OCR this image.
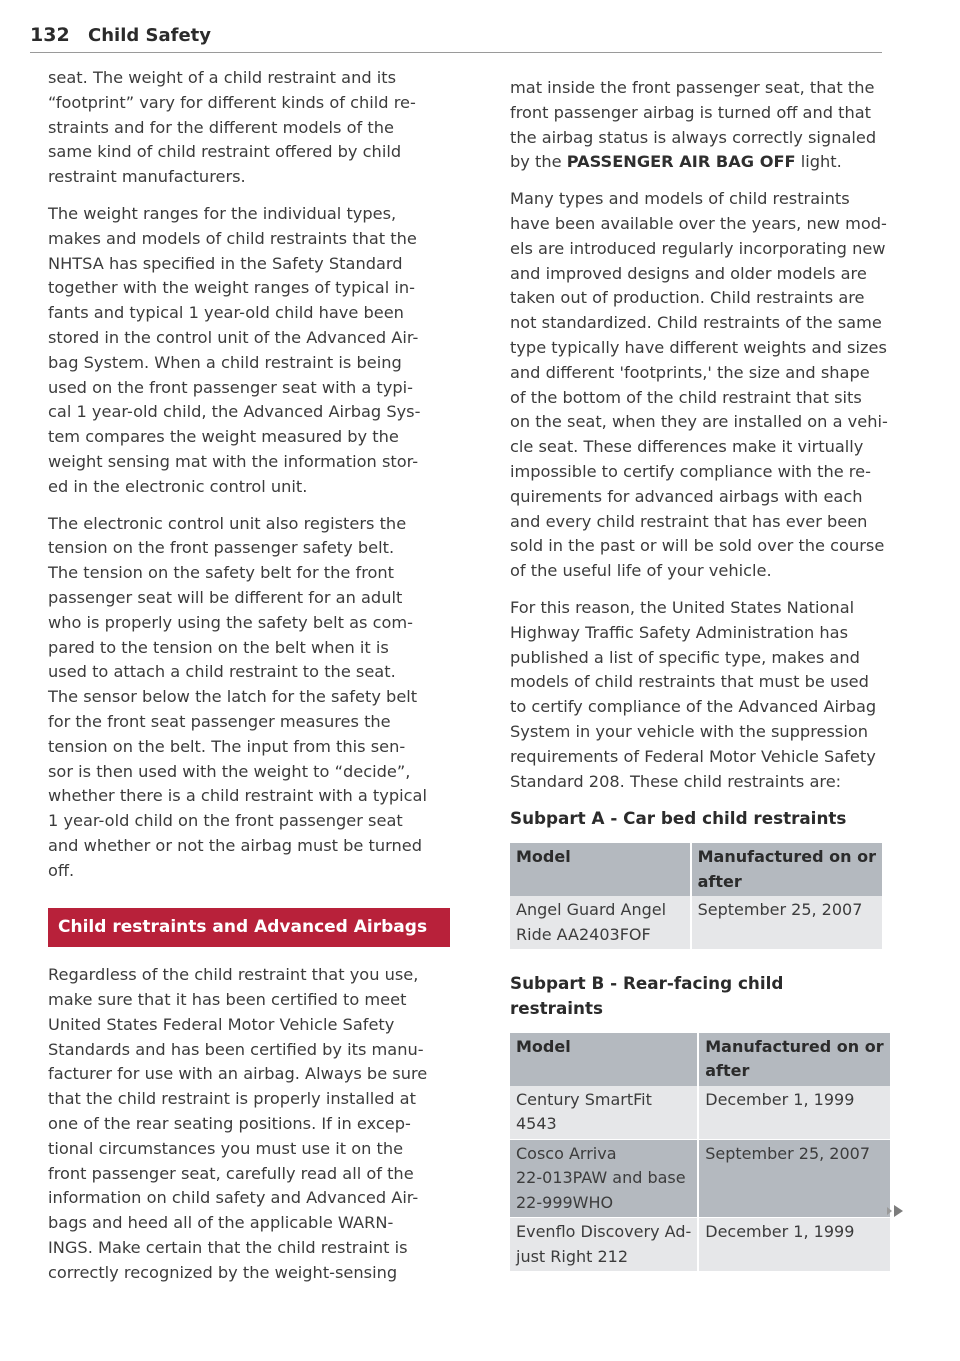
132 Child Safety

seat. The weight of a child restraint and its
“footprint” vary for different kinds of child re-
straints and for the different models of the
same kind of child restraint offered by child
restraint manufacturers.

The weight ranges for the individual types,
makes and models of child restraints that the
NHTSA has specified in the Safety Standard
together with the weight ranges of typical in-
fants and typical 1 year-old child have been
stored in the control unit of the Advanced Air-
bag System. When a child restraint is being
used on the front passenger seat with a typi-
cal 1 year-old child, the Advanced Airbag Sys-
tem compares the weight measured by the
weight sensing mat with the information stor-
ed in the electronic control unit.

The electronic control unit also registers the
tension on the front passenger safety belt.
The tension on the safety belt for the front
passenger seat will be different for an adult
who is properly using the safety belt as com-
pared to the tension on the belt when it is
used to attach a child restraint to the seat.
The sensor below the latch for the safety belt
for the front seat passenger measures the
tension on the belt. The input from this sen-
sor is then used with the weight to “decide”,
whether there is a child restraint with a typical
1 year-old child on the front passenger seat
and whether or not the airbag must be turned
off.

Child restraints and Advanced Airbags

Regardless of the child restraint that you use,
make sure that it has been certified to meet
United States Federal Motor Vehicle Safety
Standards and has been certified by its manu-
facturer for use with an airbag. Always be sure
that the child restraint is properly installed at
one of the rear seating positions. If in excep-
tional circumstances you must use it on the
front passenger seat, carefully read all of the
information on child safety and Advanced Air-
bags and heed all of the applicable WARN-
INGS. Make certain that the child restraint is
correctly recognized by the weight-sensing

mat inside the front passenger seat, that the
front passenger airbag is turned off and that
the airbag status is always correctly signaled
by the PASSENGER AIR BAG OFF light.

Many types and models of child restraints
have been available over the years, new mod-
els are introduced regularly incorporating new
and improved designs and older models are
taken out of production. Child restraints are
not standardized. Child restraints of the same
type typically have different weights and sizes
and different 'footprints,' the size and shape
of the bottom of the child restraint that sits
on the seat, when they are installed on a vehi-
cle seat. These differences make it virtually
impossible to certify compliance with the re-
quirements for advanced airbags with each
and every child restraint that has ever been
sold in the past or will be sold over the course
of the useful life of your vehicle.

For this reason, the United States National
Highway Traffic Safety Administration has
published a list of specific type, makes and
models of child restraints that must be used
to certify compliance of the Advanced Airbag
System in your vehicle with the suppression
requirements of Federal Motor Vehicle Safety
Standard 208. These child restraints are:

Subpart A - Car bed child restraints
Model	Manufactured on or
after

Angel Guard Angel
Ride AA2403FOF	September 25, 2007
Subpart B - Rear-facing child restraints
Model	Manufactured on or
after

Century SmartFit
4543	December 1, 1999

Cosco Arriva
22-013PAW and base
22-999WHO	September 25, 2007

Evenflo Discovery Ad-
just Right 212	December 1, 1999
